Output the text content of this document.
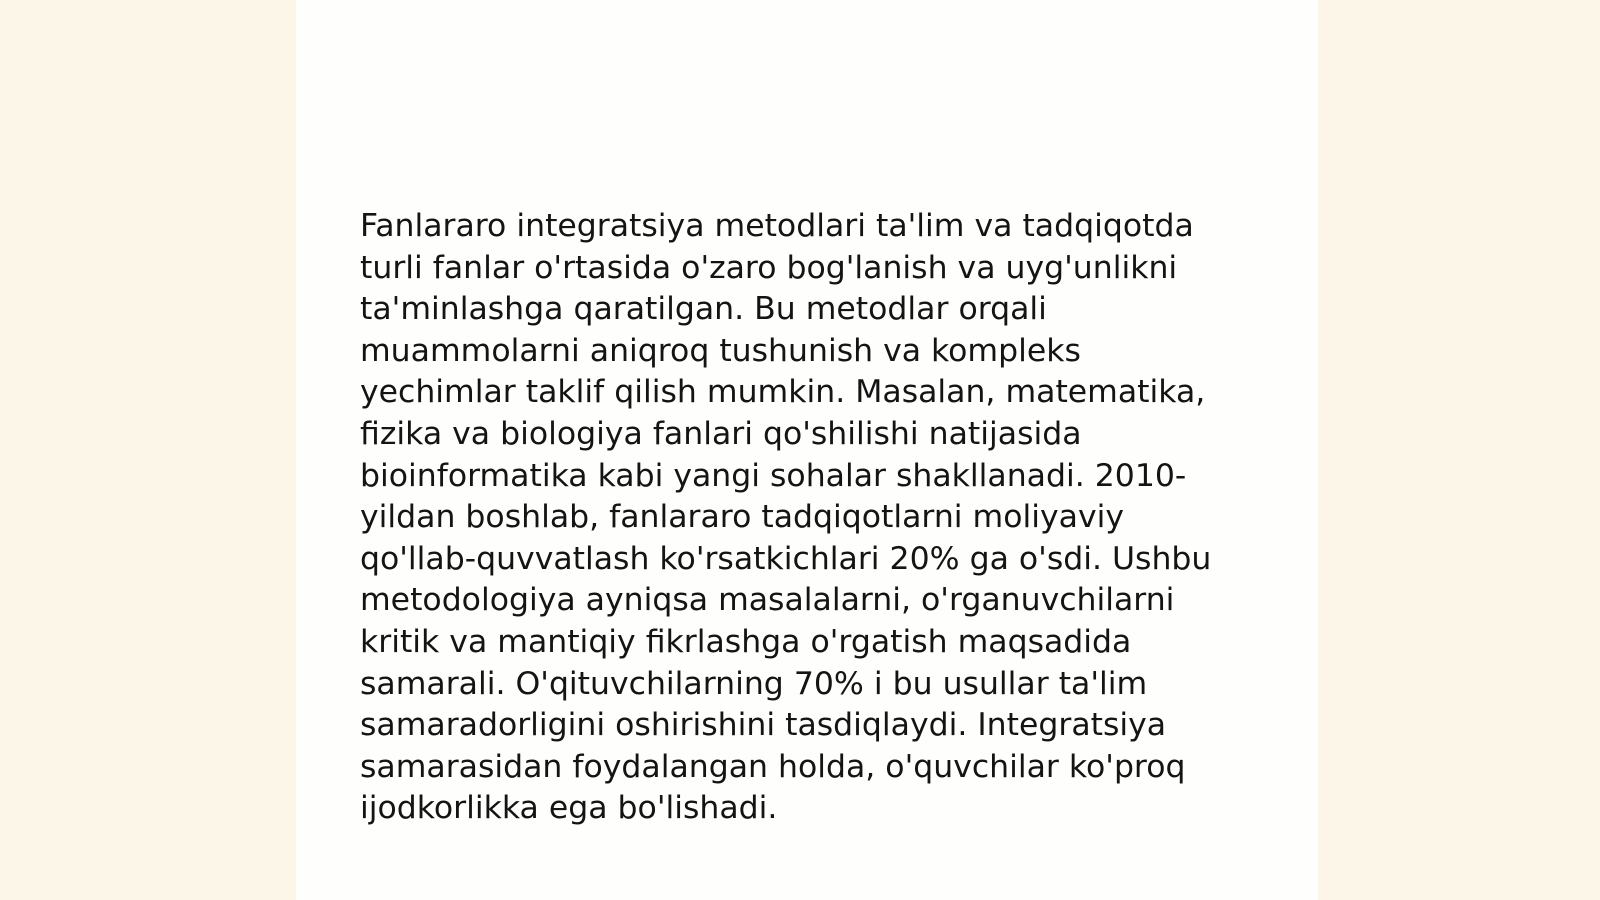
Fanlararo integratsiya metodlari ta'lim va tadqiqotda
turli fanlar o'rtasida o'zaro bog'lanish va uyg'unlikni
ta'minlashga qaratilgan. Bu metodlar orqali
muammolarni aniqroq tushunish va kompleks
yechimlar taklif qilish mumkin. Masalan, matematika,
fizika va biologiya fanlari qo'shilishi natijasida
bioinformatika kabi yangi sohalar shakllanadi. 2010-
yildan boshlab, fanlararo tadqiqotlarni moliyaviy
qo'llab-quvvatlash ko'rsatkichlari 20% ga o'sdi. Ushbu
metodologiya ayniqsa masalalarni, o'rganuvchilarni
kritik va mantiqiy fikrlashga o'rgatish maqsadida
samarali. O'qituvchilarning 70% i bu usullar ta'lim
samaradorligini oshirishini tasdiqlaydi. Integratsiya
samarasidan foydalangan holda, o'quvchilar ko'proq
ijodkorlikka ega bo'lishadi.
